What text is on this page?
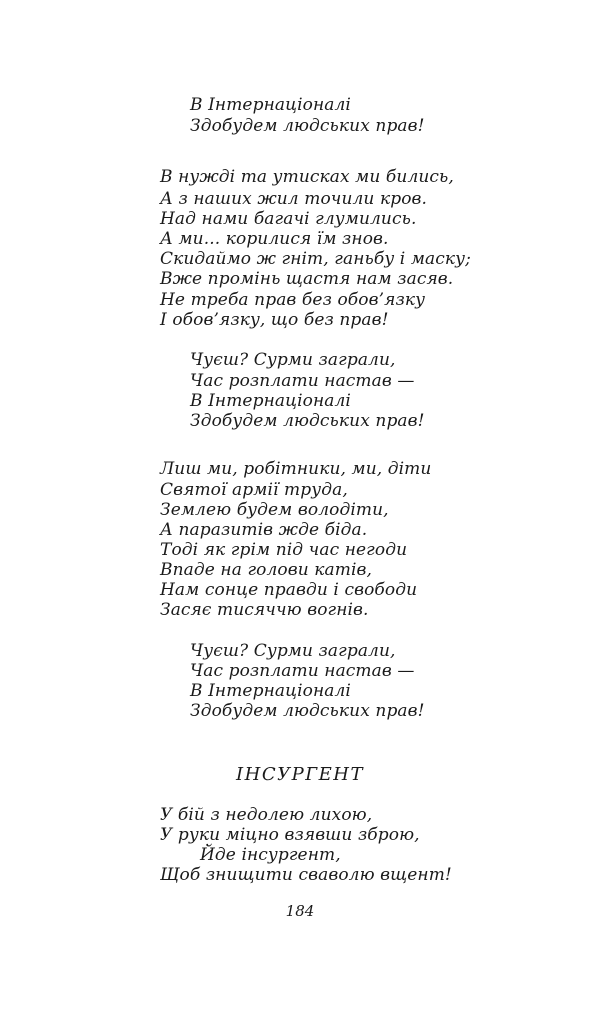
В Інтернаціоналі
Здобудем людських прав!
В нужді та утисках ми бились,
А з наших жил точили кров.
Над нами багачі глумились.
А ми... корилися їм знов.
Скидаймо ж гніт, ганьбу і маску;
Вже промінь щастя нам засяв.
Не треба прав без обов’язку
І обов’язку, що без прав!
Чуєш? Сурми заграли,
Час розплати настав —
В Інтернаціоналі
Здобудем людських прав!
Лиш ми, робітники, ми, діти
Святої армії труда,
Землею будем володіти,
А паразитів жде біда.
Тоді як грім під час негоди
Впаде на голови катів,
Нам сонце правди і свободи
Засяє тисяччю вогнів.
Чуєш? Сурми заграли,
Час розплати настав —
В Інтернаціоналі
Здобудем людських прав!
ІНСУРГЕНТ
У бій з недолею лихою,
У руки міцно взявши зброю,
Йде інсургент,
Щоб знищити сваволю вщент!
184
